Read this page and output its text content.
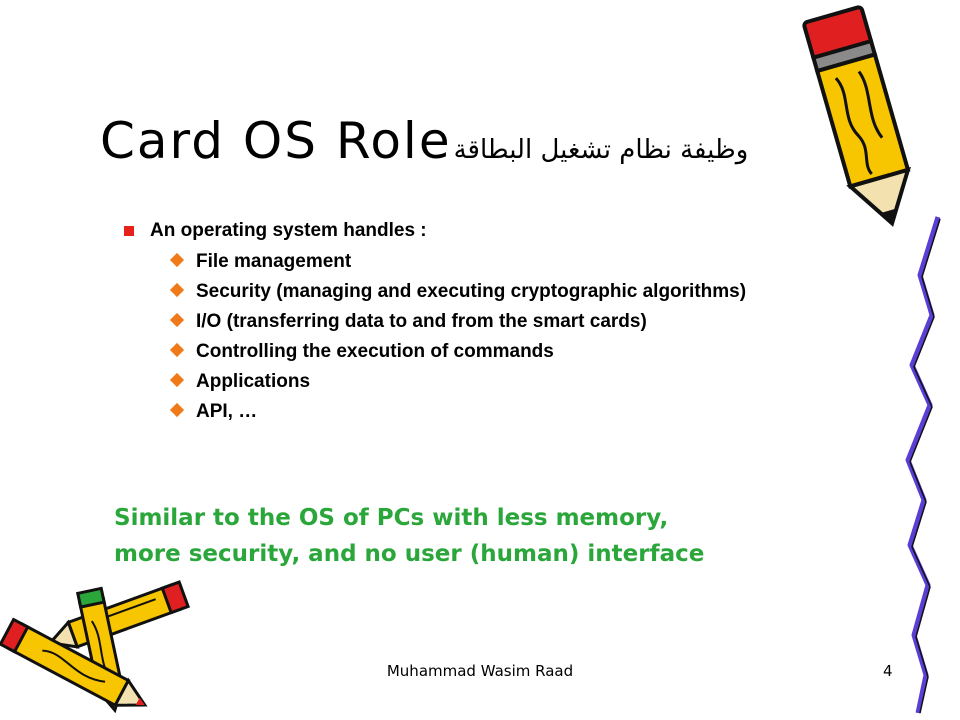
Card OS Roleوظيفة نظام تشغيل البطاقة
An operating system handles :
File management
Security (managing and executing cryptographic algorithms)
I/O (transferring data to and from the smart cards)
Controlling the execution of commands
Applications
API, …
Similar to the OS of PCs with less memory,
more security, and no user (human) interface
Muhammad Wasim Raad	4
